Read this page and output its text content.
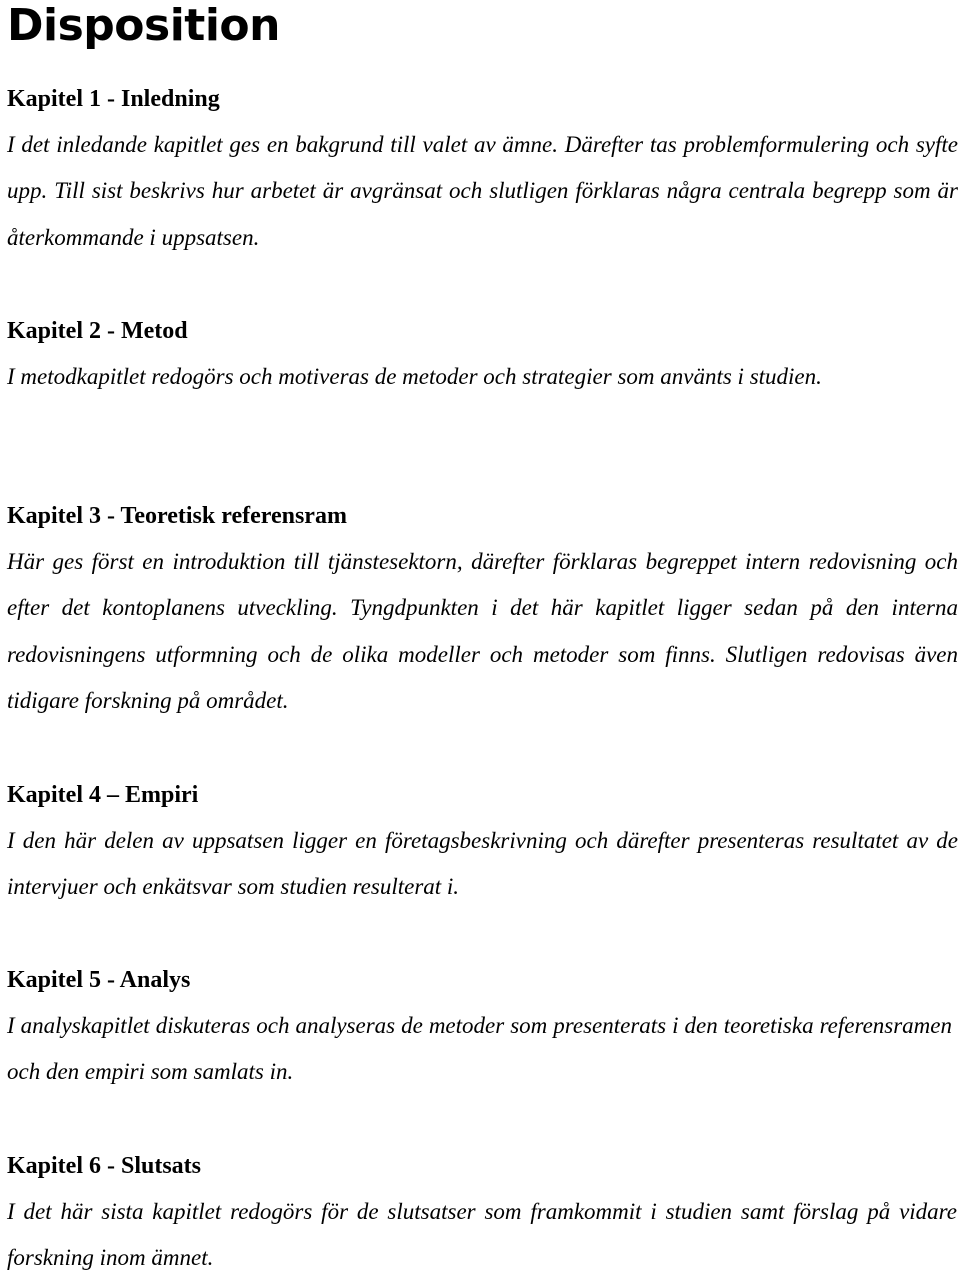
Disposition
Kapitel 1 - Inledning

I det inledande kapitlet ges en bakgrund till valet av ämne. Därefter tas problemformulering och syfte upp. Till sist beskrivs hur arbetet är avgränsat och slutligen förklaras några centrala begrepp som är återkommande i uppsatsen.

Kapitel 2 - Metod

I metodkapitlet redogörs och motiveras de metoder och strategier som använts i studien.

Kapitel 3 - Teoretisk referensram

Här ges först en introduktion till tjänstesektorn, därefter förklaras begreppet intern redovisning och efter det kontoplanens utveckling. Tyngdpunkten i det här kapitlet ligger sedan på den interna redovisningens utformning och de olika modeller och metoder som finns. Slutligen redovisas även tidigare forskning på området.

Kapitel 4 – Empiri

I den här delen av uppsatsen ligger en företagsbeskrivning och därefter presenteras resultatet av de intervjuer och enkätsvar som studien resulterat i.

Kapitel 5 - Analys

I analyskapitlet diskuteras och analyseras de metoder som presenterats i den teoretiska referensramen och den empiri som samlats in.

Kapitel 6 - Slutsats

I det här sista kapitlet redogörs för de slutsatser som framkommit i studien samt förslag på vidare forskning inom ämnet.
